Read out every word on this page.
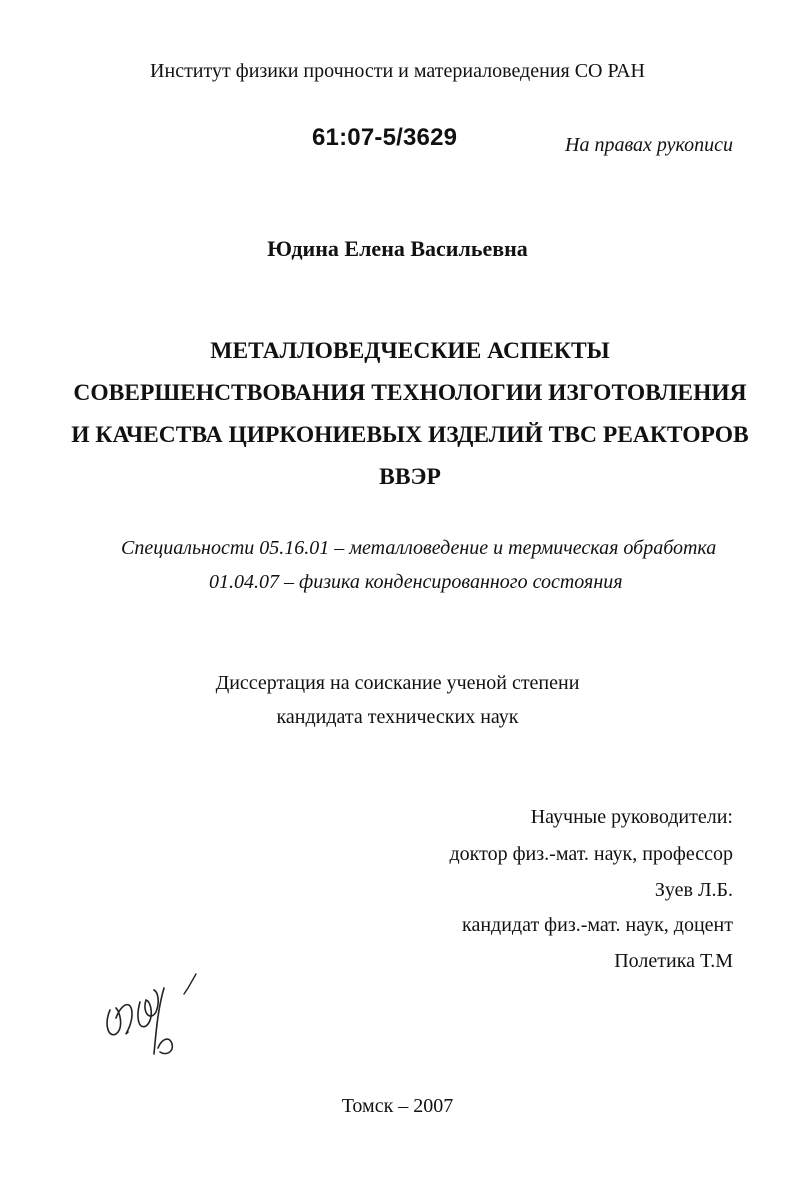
Институт физики прочности и материаловедения СО РАН
61:07-5/3629	На правах рукописи
Юдина Елена Васильевна
МЕТАЛЛОВЕДЧЕСКИЕ АСПЕКТЫ
СОВЕРШЕНСТВОВАНИЯ ТЕХНОЛОГИИ ИЗГОТОВЛЕНИЯ
И КАЧЕСТВА ЦИРКОНИЕВЫХ ИЗДЕЛИЙ ТВС РЕАКТОРОВ
ВВЭР
Специальности 05.16.01 – металловедение и термическая обработка
01.04.07 – физика конденсированного состояния
Диссертация на соискание ученой степени
кандидата технических наук
Научные руководители:
доктор физ.-мат. наук, профессор
Зуев Л.Б.
кандидат физ.-мат. наук, доцент
Полетика Т.М
Томск – 2007
